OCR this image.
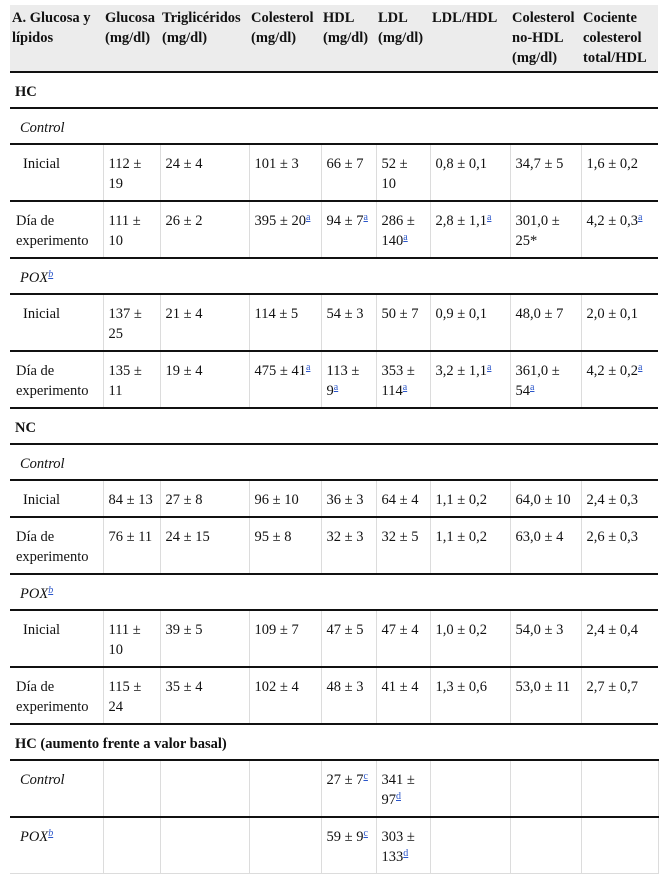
A. Glucosa y lípidos	Glucosa (mg/dl)	Triglicéridos (mg/dl)	Colesterol (mg/dl)	HDL (mg/dl)	LDL (mg/dl)	LDL/HDL	Colesterol no-HDL (mg/dl)	Cociente colesterol total/HDL
HC								
Control								
Inicial	112 ± 19	24 ± 4	101 ± 3	66 ± 7	52 ± 10	0,8 ± 0,1	34,7 ± 5	1,6 ± 0,2
Día de experimento	111 ± 10	26 ± 2	395 ± 20$^a$	94 ± 7$^a$	286 ± 140$^a$	2,8 ± 1,1$^a$	301,0 ± 25*	4,2 ± 0,3$^a$
POX$^b$
Inicial	137 ± 25	21 ± 4	114 ± 5	54 ± 3	50 ± 7	0,9 ± 0,1	48,0 ± 7	2,0 ± 0,1
Día de experimento	135 ± 11	19 ± 4	475 ± 41$^a$	113 ± 9$^a$	353 ± 114$^a$	3,2 ± 1,1$^a$	361,0 ± 54$^a$	4,2 ± 0,2$^a$
NC								
Control								
Inicial	84 ± 13	27 ± 8	96 ± 10	36 ± 3	64 ± 4	1,1 ± 0,2	64,0 ± 10	2,4 ± 0,3
Día de experimento	76 ± 11	24 ± 15	95 ± 8	32 ± 3	32 ± 5	1,1 ± 0,2	63,0 ± 4	2,6 ± 0,3
POX$^b$
Inicial	111 ± 10	39 ± 5	109 ± 7	47 ± 5	47 ± 4	1,0 ± 0,2	54,0 ± 3	2,4 ± 0,4
Día de experimento	115 ± 24	35 ± 4	102 ± 4	48 ± 3	41 ± 4	1,3 ± 0,6	53,0 ± 11	2,7 ± 0,7
HC (aumento frente a valor basal)								
Control				27 ± 7$^c$	341 ± 97$^d$			
POX$^b$				59 ± 9$^c$	303 ± 133$^d$			
